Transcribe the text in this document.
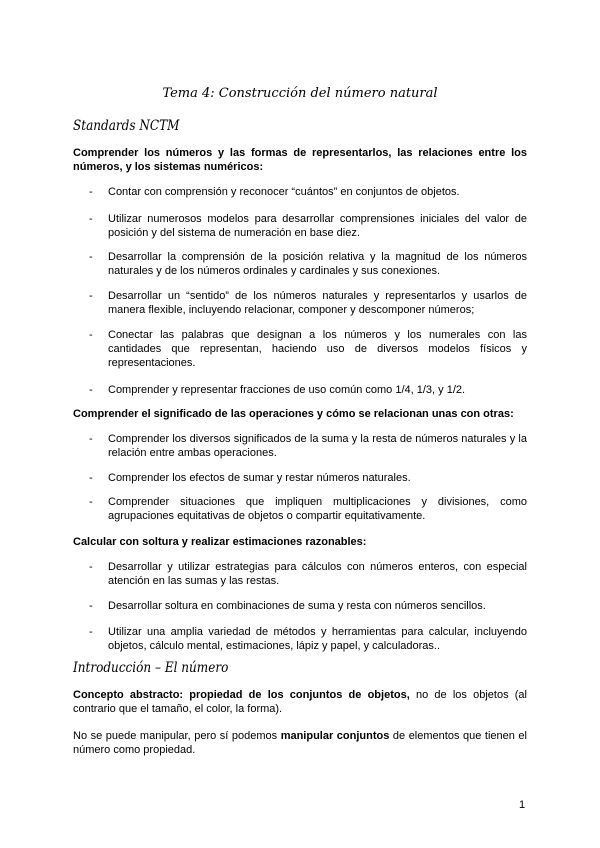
Tema 4: Construcción del número natural
Standards NCTM
Comprender los números y las formas de representarlos, las relaciones entre los números, y los sistemas numéricos:
- Contar con comprensión y reconocer “cuántos” en conjuntos de objetos.
- Utilizar numerosos modelos para desarrollar comprensiones iniciales del valor de posición y del sistema de numeración en base diez.
- Desarrollar la comprensión de la posición relativa y la magnitud de los números naturales y de los números ordinales y cardinales y sus conexiones.
- Desarrollar un “sentido” de los números naturales y representarlos y usarlos de manera flexible, incluyendo relacionar, componer y descomponer números;
- Conectar las palabras que designan a los números y los numerales con las cantidades que representan, haciendo uso de diversos modelos físicos y representaciones.
- Comprender y representar fracciones de uso común como 1/4, 1/3, y 1/2.
Comprender el significado de las operaciones y cómo se relacionan unas con otras:
- Comprender los diversos significados de la suma y la resta de números naturales y la relación entre ambas operaciones.
- Comprender los efectos de sumar y restar números naturales.
- Comprender situaciones que impliquen multiplicaciones y divisiones, como agrupaciones equitativas de objetos o compartir equitativamente.
Calcular con soltura y realizar estimaciones razonables:
- Desarrollar y utilizar estrategias para cálculos con números enteros, con especial atención en las sumas y las restas.
- Desarrollar soltura en combinaciones de suma y resta con números sencillos.
- Utilizar una amplia variedad de métodos y herramientas para calcular, incluyendo objetos, cálculo mental, estimaciones, lápiz y papel, y calculadoras..
Introducción – El número
Concepto abstracto: propiedad de los conjuntos de objetos, no de los objetos (al contrario que el tamaño, el color, la forma).
No se puede manipular, pero sí podemos manipular conjuntos de elementos que tienen el número como propiedad.
1
